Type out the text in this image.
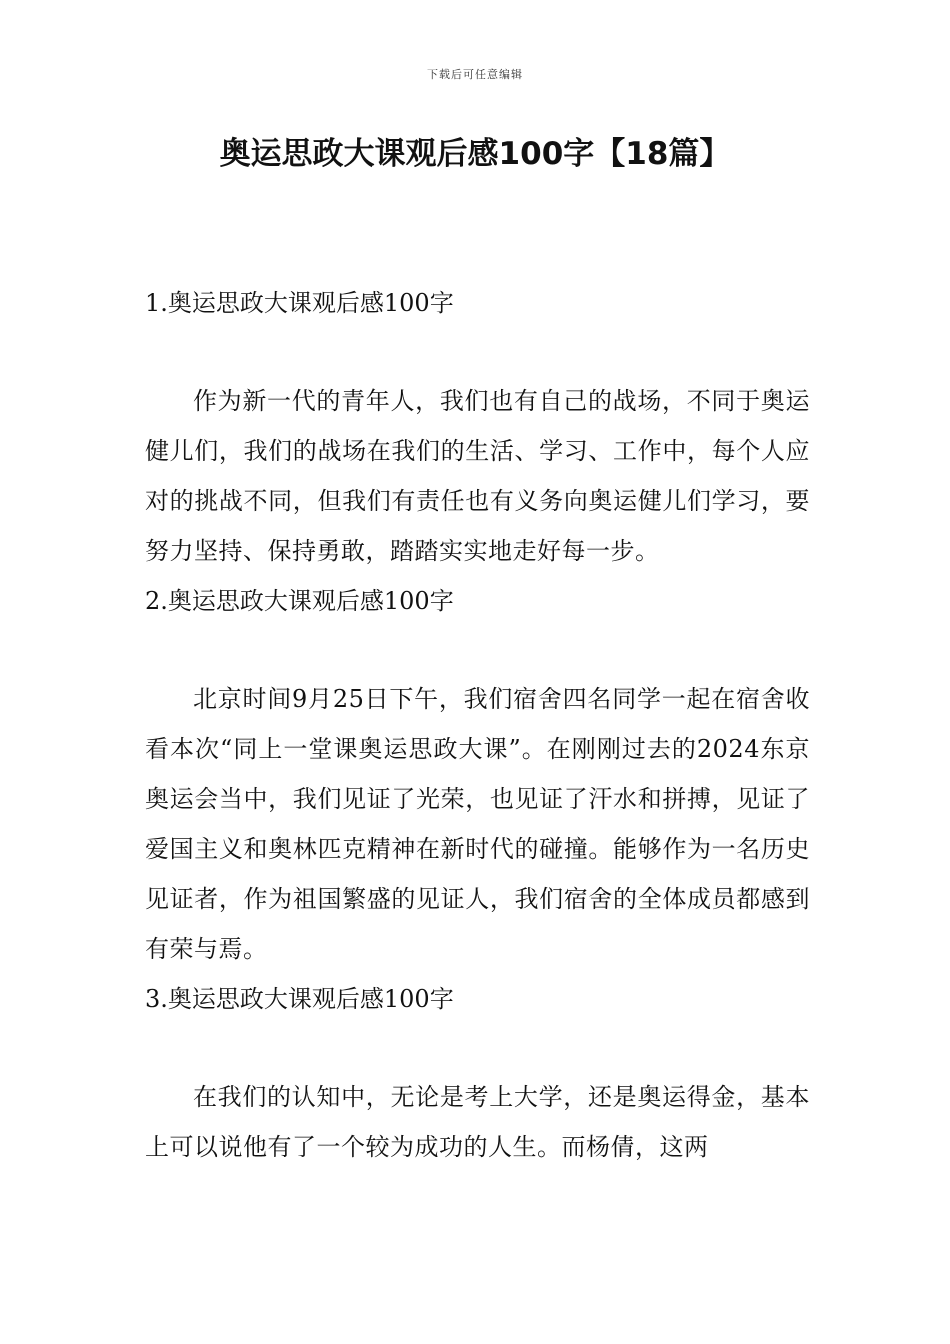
下载后可任意编辑
奥运思政大课观后感100字【18篇】

1.奥运思政大课观后感100字

作为新一代的青年人，我们也有自己的战场，不同于奥运健儿们，我们的战场在我们的生活、学习、工作中，每个人应对的挑战不同，但我们有责任也有义务向奥运健儿们学习，要努力坚持、保持勇敢，踏踏实实地走好每一步。

2.奥运思政大课观后感100字

北京时间9月25日下午，我们宿舍四名同学一起在宿舍收看本次“同上一堂课奥运思政大课”。在刚刚过去的2024东京奥运会当中，我们见证了光荣，也见证了汗水和拼搏，见证了爱国主义和奥林匹克精神在新时代的碰撞。能够作为一名历史见证者，作为祖国繁盛的见证人，我们宿舍的全体成员都感到有荣与焉。

3.奥运思政大课观后感100字

在我们的认知中，无论是考上大学，还是奥运得金，基本上可以说他有了一个较为成功的人生。而杨倩，这两
